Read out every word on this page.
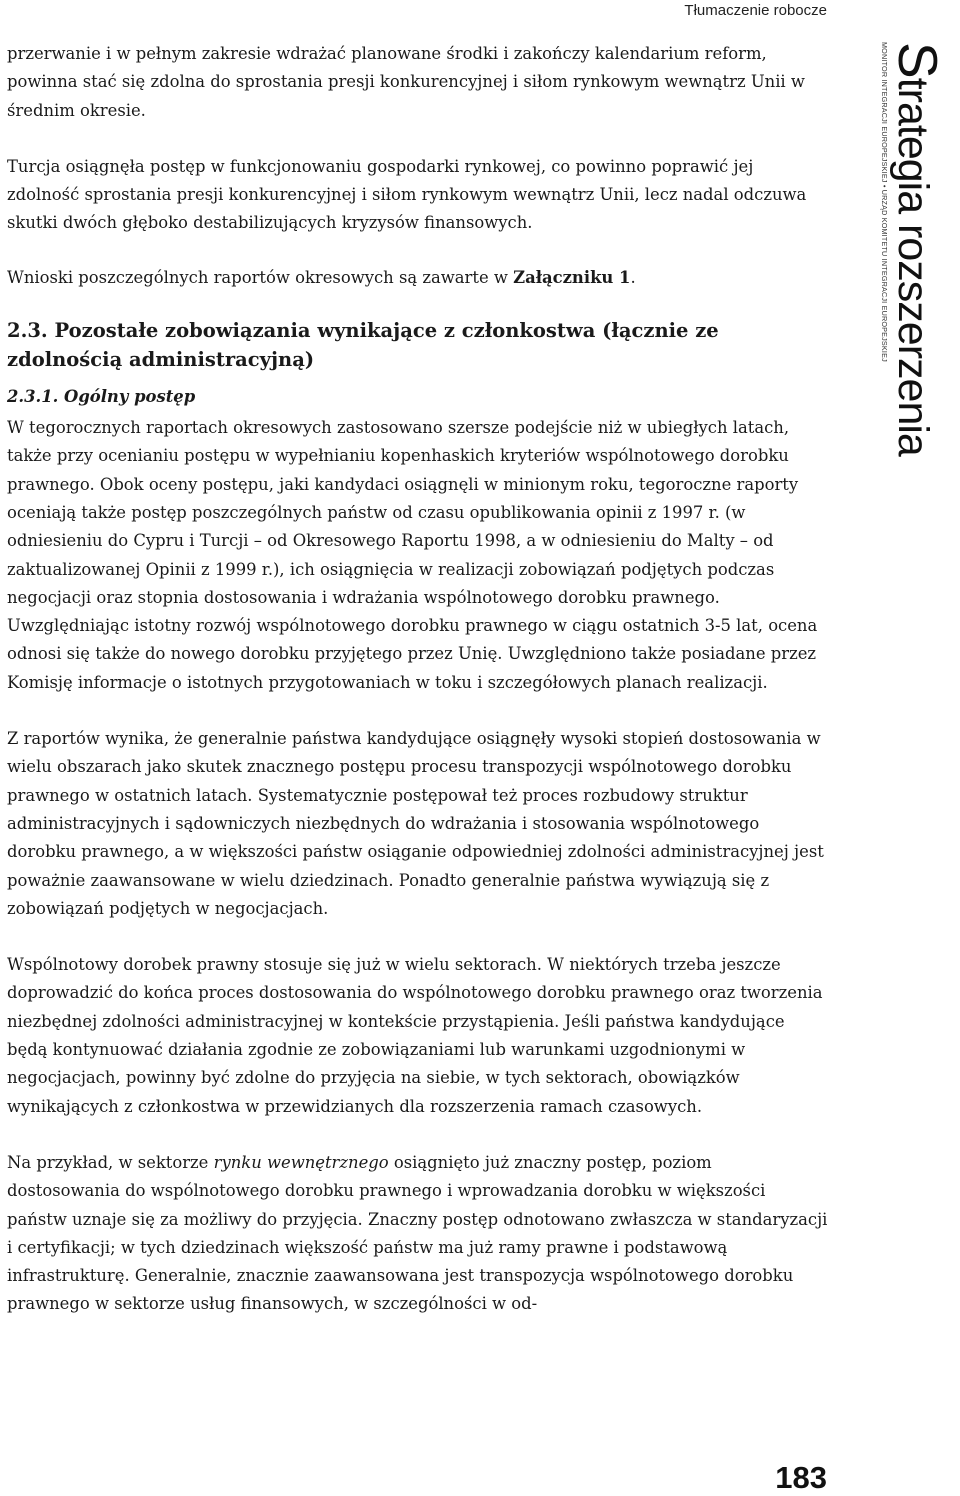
Tłumaczenie robocze

przerwanie i w pełnym zakresie wdrażać planowane środki i zakończy kalendarium reform, powinna stać się zdolna do sprostania presji konkurencyjnej i siłom rynkowym wewnątrz Unii w średnim okresie.

Turcja osiągnęła postęp w funkcjonowaniu gospodarki rynkowej, co powinno poprawić jej zdolność sprostania presji konkurencyjnej i siłom rynkowym wewnątrz Unii, lecz nadal odczuwa skutki dwóch głęboko destabilizujących kryzysów finansowych.

Wnioski poszczególnych raportów okresowych są zawarte w Załączniku 1.

2.3. Pozostałe zobowiązania wynikające z członkostwa (łącznie ze zdolnością administracyjną)
2.3.1. Ogólny postęp

W tegorocznych raportach okresowych zastosowano szersze podejście niż w ubiegłych latach, także przy ocenianiu postępu w wypełnianiu kopenhaskich kryteriów wspólnotowego dorobku prawnego. Obok oceny postępu, jaki kandydaci osiągnęli w minionym roku, tegoroczne raporty oceniają także postęp poszczególnych państw od czasu opublikowania opinii z 1997 r. (w odniesieniu do Cypru i Turcji – od Okresowego Raportu 1998, a w odniesieniu do Malty – od zaktualizowanej Opinii z 1999 r.), ich osiągnięcia w realizacji zobowiązań podjętych podczas negocjacji oraz stopnia dostosowania i wdrażania wspólnotowego dorobku prawnego. Uwzględniając istotny rozwój wspólnotowego dorobku prawnego w ciągu ostatnich 3-5 lat, ocena odnosi się także do nowego dorobku przyjętego przez Unię. Uwzględniono także posiadane przez Komisję informacje o istotnych przygotowaniach w toku i szczegółowych planach realizacji.

Z raportów wynika, że generalnie państwa kandydujące osiągnęły wysoki stopień dostosowania w wielu obszarach jako skutek znacznego postępu procesu transpozycji wspólnotowego dorobku prawnego w ostatnich latach. Systematycznie postępował też proces rozbudowy struktur administracyjnych i sądowniczych niezbędnych do wdrażania i stosowania wspólnotowego dorobku prawnego, a w większości państw osiąganie odpowiedniej zdolności administracyjnej jest poważnie zaawansowane w wielu dziedzinach. Ponadto generalnie państwa wywiązują się z zobowiązań podjętych w negocjacjach.

Wspólnotowy dorobek prawny stosuje się już w wielu sektorach. W niektórych trzeba jeszcze doprowadzić do końca proces dostosowania do wspólnotowego dorobku prawnego oraz tworzenia niezbędnej zdolności administracyjnej w kontekście przystąpienia. Jeśli państwa kandydujące będą kontynuować działania zgodnie ze zobowiązaniami lub warunkami uzgodnionymi w negocjacjach, powinny być zdolne do przyjęcia na siebie, w tych sektorach, obowiązków wynikających z członkostwa w przewidzianych dla rozszerzenia ramach czasowych.

Na przykład, w sektorze rynku wewnętrznego osiągnięto już znaczny postęp, poziom dostosowania do wspólnotowego dorobku prawnego i wprowadzania dorobku w większości państw uznaje się za możliwy do przyjęcia. Znaczny postęp odnotowano zwłaszcza w standaryzacji i certyfikacji; w tych dziedzinach większość państw ma już ramy prawne i podstawową infrastrukturę. Generalnie, znacznie zaawansowana jest transpozycja wspólnotowego dorobku prawnego w sektorze usług finansowych, w szczególności w od-

MONITOR INTEGRACJI EUROPEJSKIEJ • URZĄD KOMITETU INTEGRACJI EUROPEJSKIEJ
Strategia rozszerzenia
183
